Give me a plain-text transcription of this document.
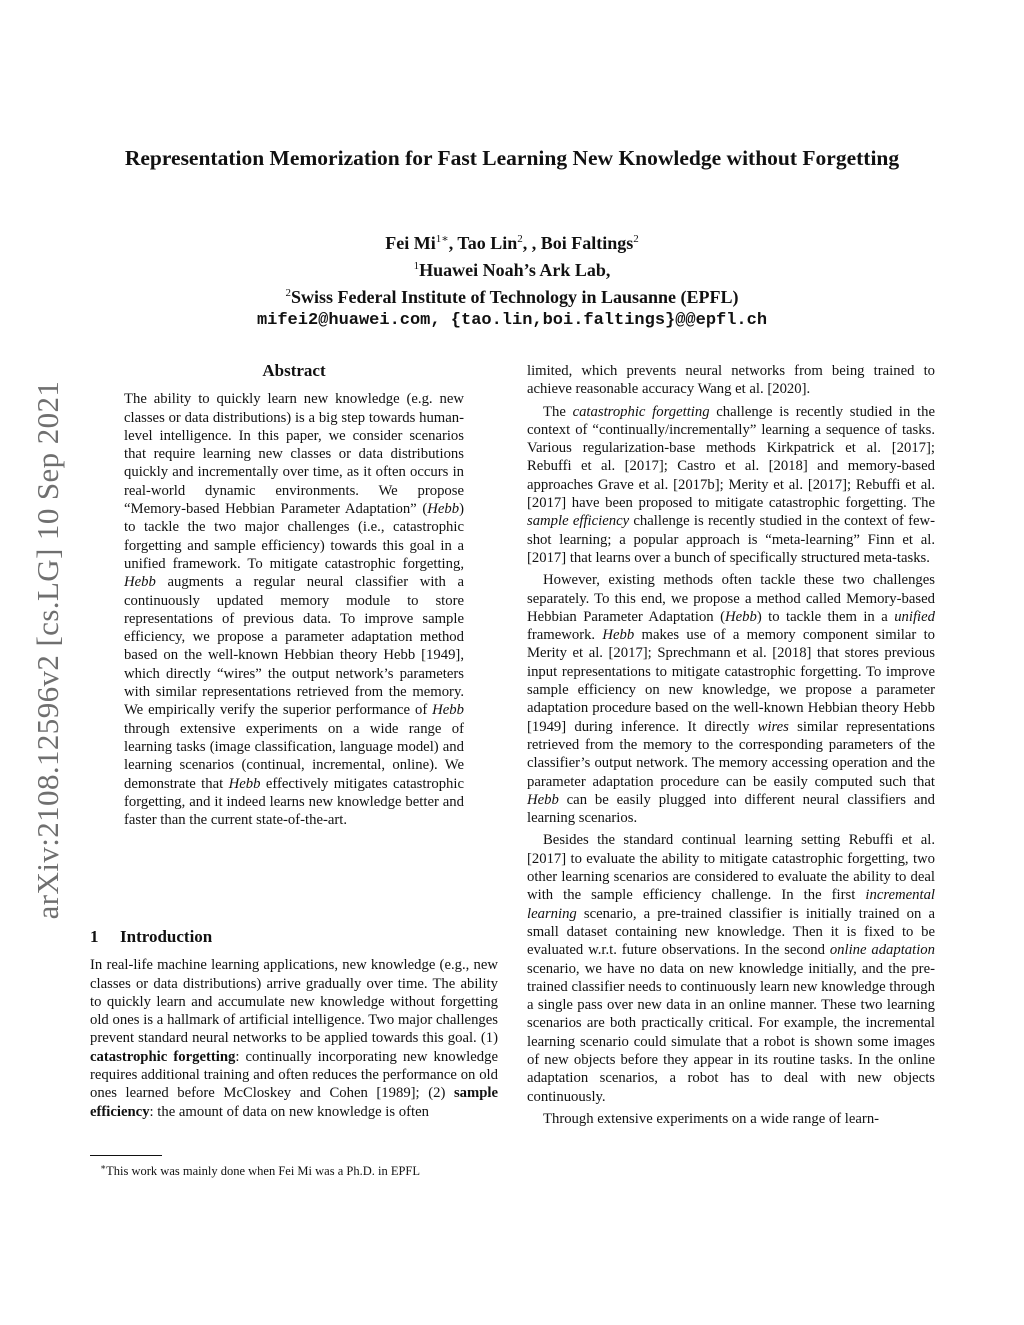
arXiv:2108.12596v2 [cs.LG] 10 Sep 2021
Representation Memorization for Fast Learning New Knowledge without Forgetting
Fei $Mi^{1∗}$, Tao Lin$^2$, , Boi Faltings$^2$
$^1$Huawei Noah’s Ark Lab,
$^2$Swiss Federal Institute of Technology in Lausanne (EPFL)
mifei2@huawei.com, {tao.lin,boi.faltings}@@epfl.ch
Abstract

The ability to quickly learn new knowledge (e.g. new classes or data distributions) is a big step towards human-level intelligence. In this paper, we consider scenarios that require learning new classes or data distributions quickly and incrementally over time, as it often occurs in real-world dynamic environments. We propose “Memory-based Hebbian Parameter Adaptation” (Hebb) to tackle the two major challenges (i.e., catastrophic forgetting and sample efficiency) towards this goal in a unified framework. To mitigate catastrophic forgetting, Hebb augments a regular neural classifier with a continuously updated memory module to store representations of previous data. To improve sample efficiency, we propose a parameter adaptation method based on the well-known Hebbian theory Hebb [1949], which directly “wires” the output network’s parameters with similar representations retrieved from the memory. We empirically verify the superior performance of Hebb through extensive experiments on a wide range of learning tasks (image classification, language model) and learning scenarios (continual, incremental, online). We demonstrate that Hebb effectively mitigates catastrophic forgetting, and it indeed learns new knowledge better and faster than the current state-of-the-art.

1 Introduction

In real-life machine learning applications, new knowledge (e.g., new classes or data distributions) arrive gradually over time. The ability to quickly learn and accumulate new knowledge without forgetting old ones is a hallmark of artificial intelligence. Two major challenges prevent standard neural networks to be applied towards this goal. (1) catastrophic forgetting: continually incorporating new knowledge requires additional training and often reduces the performance on old ones learned before McCloskey and Cohen [1989]; (2) sample efficiency: the amount of data on new knowledge is often

∗This work was mainly done when Fei Mi was a Ph.D. in EPFL

limited, which prevents neural networks from being trained to achieve reasonable accuracy Wang et al. [2020].

The catastrophic forgetting challenge is recently studied in the context of “continually/incrementally” learning a sequence of tasks. Various regularization-base methods Kirkpatrick et al. [2017]; Rebuffi et al. [2017]; Castro et al. [2018] and memory-based approaches Grave et al. [2017b]; Merity et al. [2017]; Rebuffi et al. [2017] have been proposed to mitigate catastrophic forgetting. The sample efficiency challenge is recently studied in the context of few-shot learning; a popular approach is “meta-learning” Finn et al. [2017] that learns over a bunch of specifically structured meta-tasks.

However, existing methods often tackle these two challenges separately. To this end, we propose a method called Memory-based Hebbian Parameter Adaptation (Hebb) to tackle them in a unified framework. Hebb makes use of a memory component similar to Merity et al. [2017]; Sprechmann et al. [2018] that stores previous input representations to mitigate catastrophic forgetting. To improve sample efficiency on new knowledge, we propose a parameter adaptation procedure based on the well-known Hebbian theory Hebb [1949] during inference. It directly wires similar representations retrieved from the memory to the corresponding parameters of the classifier’s output network. The memory accessing operation and the parameter adaptation procedure can be easily computed such that Hebb can be easily plugged into different neural classifiers and learning scenarios.

Besides the standard continual learning setting Rebuffi et al. [2017] to evaluate the ability to mitigate catastrophic forgetting, two other learning scenarios are considered to evaluate the ability to deal with the sample efficiency challenge. In the first incremental learning scenario, a pre-trained classifier is initially trained on a small dataset containing new knowledge. Then it is fixed to be evaluated w.r.t. future observations. In the second online adaptation scenario, we have no data on new knowledge initially, and the pre-trained classifier needs to continuously learn new knowledge through a single pass over new data in an online manner. These two learning scenarios are both practically critical. For example, the incremental learning scenario could simulate that a robot is shown some images of new objects before they appear in its routine tasks. In the online adaptation scenarios, a robot has to deal with new objects continuously.

Through extensive experiments on a wide range of learn-
